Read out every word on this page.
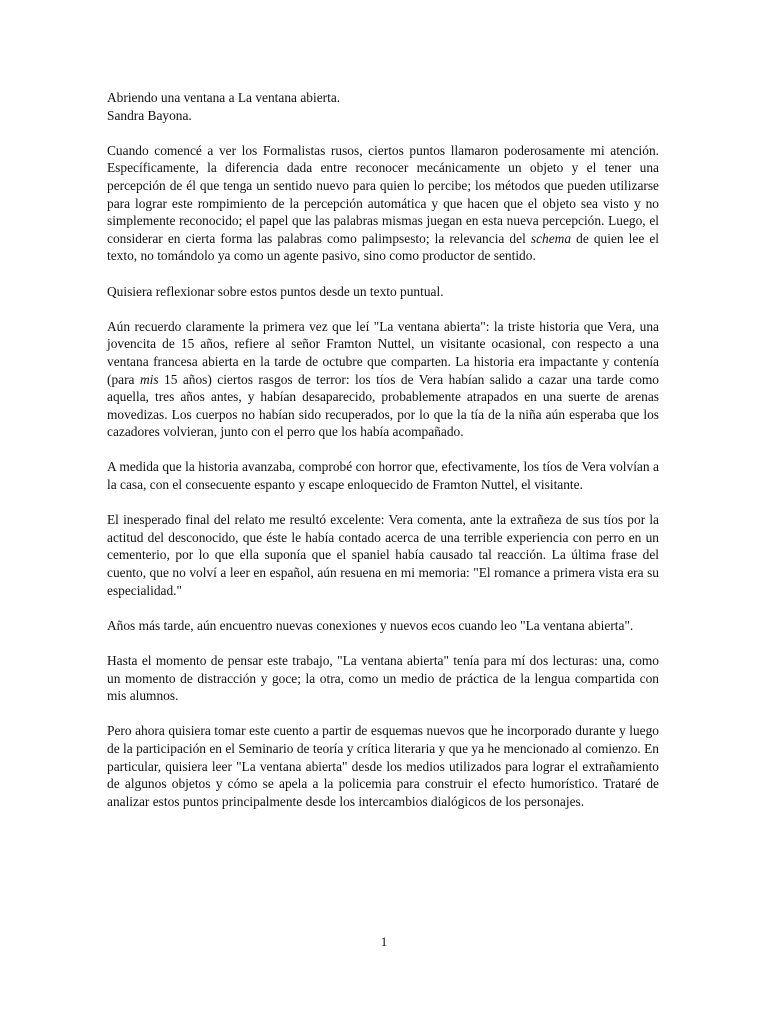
Abriendo una ventana a La ventana abierta.

Sandra Bayona.

Cuando comencé a ver los Formalistas rusos, ciertos puntos llamaron poderosamente mi atención. Específicamente, la diferencia dada entre reconocer mecánicamente un objeto y el tener una percepción de él que tenga un sentido nuevo para quien lo percibe; los métodos que pueden utilizarse para lograr este rompimiento de la percepción automática y que hacen que el objeto sea visto y no simplemente reconocido; el papel que las palabras mismas juegan en esta nueva percepción. Luego, el considerar en cierta forma las palabras como palimpsesto; la relevancia del schema de quien lee el texto, no tomándolo ya como un agente pasivo, sino como productor de sentido.

Quisiera reflexionar sobre estos puntos desde un texto puntual.

Aún recuerdo claramente la primera vez que leí "La ventana abierta": la triste historia que Vera, una jovencita de 15 años, refiere al señor Framton Nuttel, un visitante ocasional, con respecto a una ventana francesa abierta en la tarde de octubre que comparten. La historia era impactante y contenía (para mis 15 años) ciertos rasgos de terror: los tíos de Vera habían salido a cazar una tarde como aquella, tres años antes, y habían desaparecido, probablemente atrapados en una suerte de arenas movedizas. Los cuerpos no habían sido recuperados, por lo que la tía de la niña aún esperaba que los cazadores volvieran, junto con el perro que los había acompañado.

A medida que la historia avanzaba, comprobé con horror que, efectivamente, los tíos de Vera volvían a la casa, con el consecuente espanto y escape enloquecido de Framton Nuttel, el visitante.

El inesperado final del relato me resultó excelente: Vera comenta, ante la extrañeza de sus tíos por la actitud del desconocido, que éste le había contado acerca de una terrible experiencia con perro en un cementerio, por lo que ella suponía que el spaniel había causado tal reacción. La última frase del cuento, que no volví a leer en español, aún resuena en mi memoria: "El romance a primera vista era su especialidad."

Años más tarde, aún encuentro nuevas conexiones y nuevos ecos cuando leo "La ventana abierta".

Hasta el momento de pensar este trabajo, "La ventana abierta" tenía para mí dos lecturas: una, como un momento de distracción y goce; la otra, como un medio de práctica de la lengua compartida con mis alumnos.

Pero ahora quisiera tomar este cuento a partir de esquemas nuevos que he incorporado durante y luego de la participación en el Seminario de teoría y crítica literaria y que ya he mencionado al comienzo. En particular, quisiera leer "La ventana abierta" desde los medios utilizados para lograr el extrañamiento de algunos objetos y cómo se apela a la policemia para construir el efecto humorístico. Trataré de analizar estos puntos principalmente desde los intercambios dialógicos de los personajes.

1
